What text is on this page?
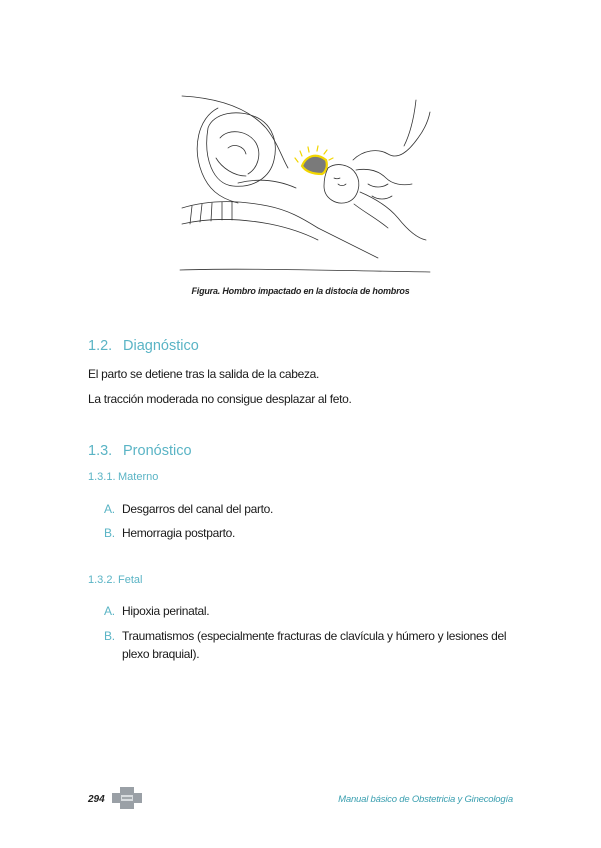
Figura. Hombro impactado en la distocia de hombros
1.2. Diagnóstico
El parto se detiene tras la salida de la cabeza.
La tracción moderada no consigue desplazar al feto.
1.3. Pronóstico
1.3.1. Materno
A. Desgarros del canal del parto.
B. Hemorragia postparto.
1.3.2. Fetal
A. Hipoxia perinatal.
B. Traumatismos (especialmente fracturas de clavícula y húmero y lesiones del plexo braquial).
294	Manual básico de Obstetricia y Ginecología
